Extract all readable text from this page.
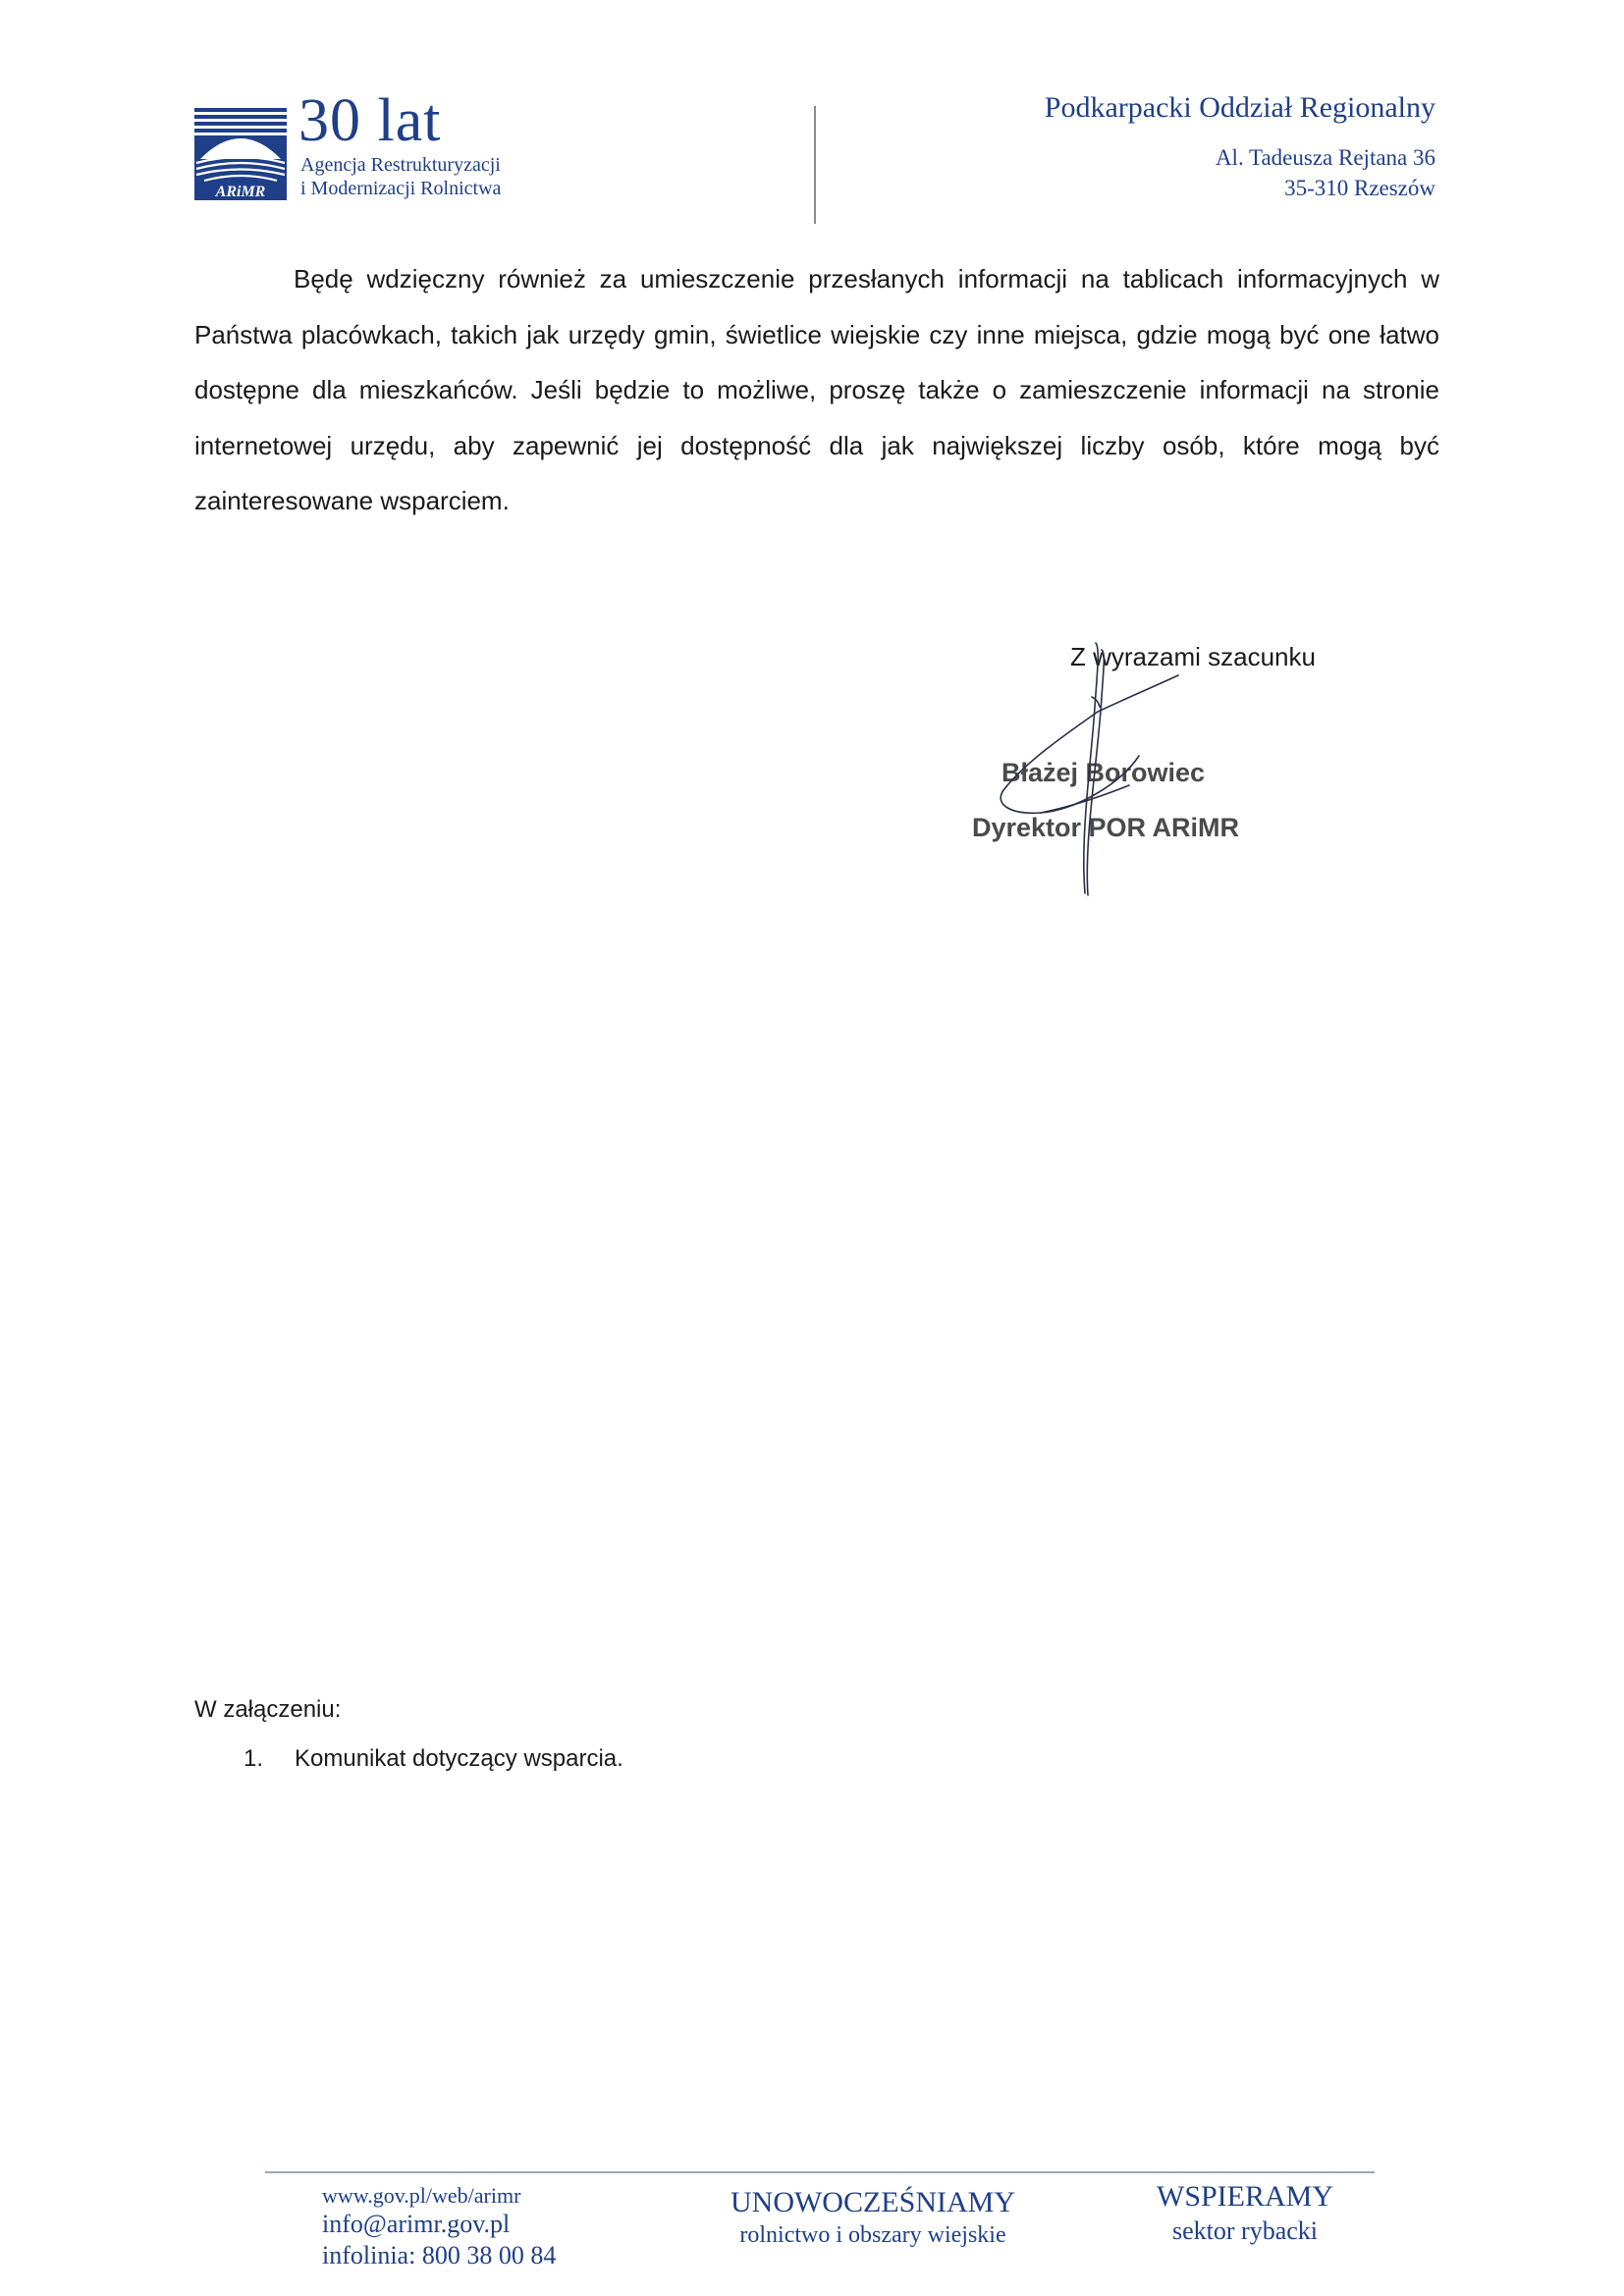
ARiMR
30 lat
Agencja Restrukturyzacji
i Modernizacji Rolnictwa
Podkarpacki Oddział Regionalny
Al. Tadeusza Rejtana 36
35-310 Rzeszów

Będę wdzięczny również za umieszczenie przesłanych informacji na tablicach informacyjnych w Państwa placówkach, takich jak urzędy gmin, świetlice wiejskie czy inne miejsca, gdzie mogą być one łatwo dostępne dla mieszkańców. Jeśli będzie to możliwe, proszę także o zamieszczenie informacji na stronie internetowej urzędu, aby zapewnić jej dostępność dla jak największej liczby osób, które mogą być zainteresowane wsparciem.

Z wyrazami szacunku
Błażej Borowiec
Dyrektor POR ARiMR
W załączeniu:
1. Komunikat dotyczący wsparcia.
www.gov.pl/web/arimr
info@arimr.gov.pl
infolinia: 800 38 00 84
UNOWOCZEŚNIAMY
rolnictwo i obszary wiejskie
WSPIERAMY
sektor rybacki
